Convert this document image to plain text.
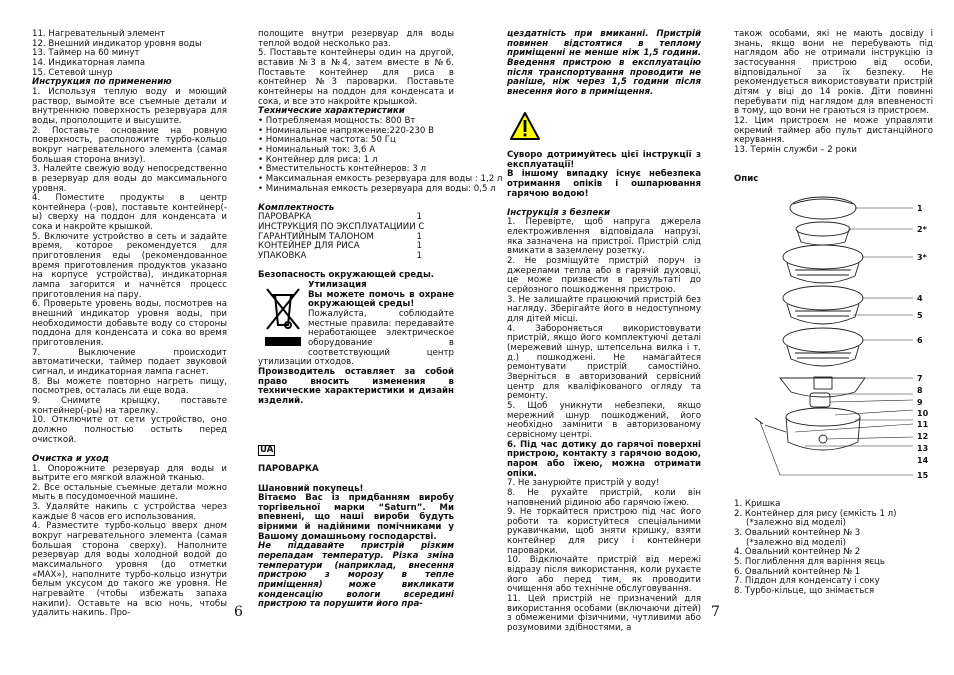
11. Нагревательный элемент

12. Внешний индикатор уровня воды

13. Таймер на 60 минут

14. Индикаторная лампа

15. Сетевой шнур

Инструкция по применению

1. Используя теплую воду и моющий раствор, вымойте все съемные детали и внутреннюю поверхность резервуара для воды, прополощите и высушите.

2. Поставьте основание на ровную поверхность, расположите турбо-кольцо вокруг нагревательного элемента (самая большая сторона внизу).

3. Налейте свежую воду непосредственно в резервуар для воды до максимального уровня.

4. Поместите продукты в центр контейнера (-ров), поставьте контейнер(-ы) сверху на поддон для конденсата и сока и накройте крышкой.

5. Включите устройство в сеть и задайте время, которое рекомендуется для приготовления еды (рекомендованное время приготовления продуктов указано на корпусе устройства), индикаторная лампа загорится и начнётся процесс приготовления на пару.

6. Проверьте уровень воды, посмотрев на внешний индикатор уровня воды, при необходимости добавьте воду со стороны поддона для конденсата и сока во время приготовления.

7. Выключение происходит автоматически, таймер подает звуковой сигнал, и индикаторная лампа гаснет.

8. Вы можете повторно нагреть пищу, посмотрев, осталась ли еще вода.

9. Снимите крыщку, поставьте контейнер(-ры) на тарелку.

10. Отключите от сети устройство, оно должно полностью остыть перед очисткой.

Очистка и уход

1. Опорожните резервуар для воды и вытрите его мягкой влажной тканью.

2. Все остальные съемные детали можно мыть в посудомоечной машине.

3. Удаляйте накипь с устройства через каждые 8 часов его использования.

4. Разместите турбо-кольцо вверх дном вокруг нагревательного элемента (самая большая сторона сверху). Наполните резервуар для воды холодной водой до максимального уровня (до отметки «MAX»), наполните турбо-кольцо изнутри белым уксусом до такого же уровня. Не нагревайте (чтобы избежать запаха накипи). Оставьте на всю ночь, чтобы удалить накипь. Про-

полощите внутри резервуар для воды теплой водой несколько раз.

5. Поставьте контейнеры один на другой, вставив №3 в №4, затем вместе в №6. Поставьте контейнер для риса в контейнер №3 пароварки. Поставьте контейнеры на поддон для конденсата и сока, и все это накройте крышкой.

Технические характеристики

• Потребляемая мощность: 800 Вт

• Номинальное напряжение:220-230 В

• Номинальная частота: 50 Гц

• Номинальный ток: 3,6 А

• Контейнер для риса: 1 л

• Вместительность контейнеров: 3 л

• Максимальная емкость резервуара для воды : 1,2 л

• Минимальная емкость резервуара для воды: 0,5 л

Комплектность

ПАРОВАРКА	1
ИНСТРУКЦИЯ ПО ЭКСПЛУАТАЦИИИ С
ГАРАНТИЙНЫМ ТАЛОНОМ	1
КОНТЕЙНЕР ДЛЯ РИСА	1
УПАКОВКА	1

Безопасность окружающей среды.

Утилизация

Вы можете помочь в охране окружающей среды!

Пожалуйста, соблюдайте местные правила: передавайте неработающее электрическое оборудование в соответствующий центр утилизации отходов.

Производитель оставляет за собой право вносить изменения в технические характеристики и дизайн изделий.

UA

ПАРОВАРКА

Шановний покупець!

Вітаємо Вас із придбанням виробу торгівельної марки “Saturn”. Ми впевнені, що наші вироби будуть вірними й надійними помічниками у Вашому домашньому господарстві.

Не піддавайте пристрій різким перепадам температур. Різка зміна температури (наприклад, внесення пристрою з морозу в тепле приміщення) може викликати конденсацію вологи всередині пристрою та порушити його пра-

цездатність при вмиканні. Пристрій повинен відстоятися в теплому приміщенні не менше ніж 1,5 години. Введення пристрою в експлуатацію після транспортування проводити не раніше, ніж через 1,5 години після внесення його в приміщення.

Суворо дотримуйтесь цієї інструкції з експлуатації!

В іншому випадку існує небезпека отримання опіків і ошпарювання гарячою водою!

Інструкція з безпеки

1. Перевірте, щоб напруга джерела електроживлення відповідала напрузі, яка зазначена на пристрої. Пристрій слід вмикати в заземлену розетку.

2. Не розміщуйте пристрій поруч із джерелами тепла або в гарячій духовці, це може призвести в результаті до серйозного пошкодження пристрою.

3. Не залишайте працюючий пристрій без нагляду. Зберігайте його в недоступному для дітей місці.

4. Забороняється використовувати пристрій, якщо його комплектуючі деталі (мережевий шнур, штепсельна вилка і т. д.) пошкоджені. Не намагайтеся ремонтувати пристрій самостійно. Зверніться в авторизований сервісний центр для кваліфікованого огляду та ремонту.

5. Щоб уникнути небезпеки, якщо мережний шнур пошкоджений, його необхідно замінити в авторизованому сервісному центрі.

6. Під час дотику до гарячої поверхні пристрою, контакту з гарячою водою, паром або їжею, можна отримати опіки.

7. Не занурюйте пристрій у воду!

8. Не рухайте пристрій, коли він наповнений рідиною або гарячою їжею.

9. Не торкайтеся пристрою під час його роботи та користуйтеся спеціальними рукавичками, щоб зняти кришку, взяти контейнер для рису і контейнери пароварки.

10. Відключайте пристрій від мережі відразу після використання, коли рухаєте його або перед тим, як проводити очищення або технічне обслуговування.

11. Цей пристрій не призначений для використання особами (включаючи дітей) з обмеженими фізичними, чутливими або розумовими здібностями, а

також особами, які не мають досвіду і знань, якщо вони не перебувають під наглядом або не отримали інструкцію із застосування пристрою від особи, відповідальної за їх безпеку. Не рекомендується використовувати пристрій дітям у віці до 14 років. Діти повинні перебувати під наглядом для впевненості в тому, що вони не граються із пристроєм.

12. Цим пристроєм не може управляти окремий таймер або пульт дистанційного керування.

13. Термін служби – 2 роки

Опис

1
2*
3*
4
5
6
7
8
9
10
11
12
13
14
15

1. Кришка

2. Контейнер для рису (ємкість 1 л)

(*залежно від моделі)

3. Овальний контейнер № 3

(*залежно від моделі)

4. Овальний контейнер № 2

5. Поглиблення для варіння яєць

6. Овальний контейнер № 1

7. Піддон для конденсату і соку

8. Турбо-кільце, що знімається

6	7
